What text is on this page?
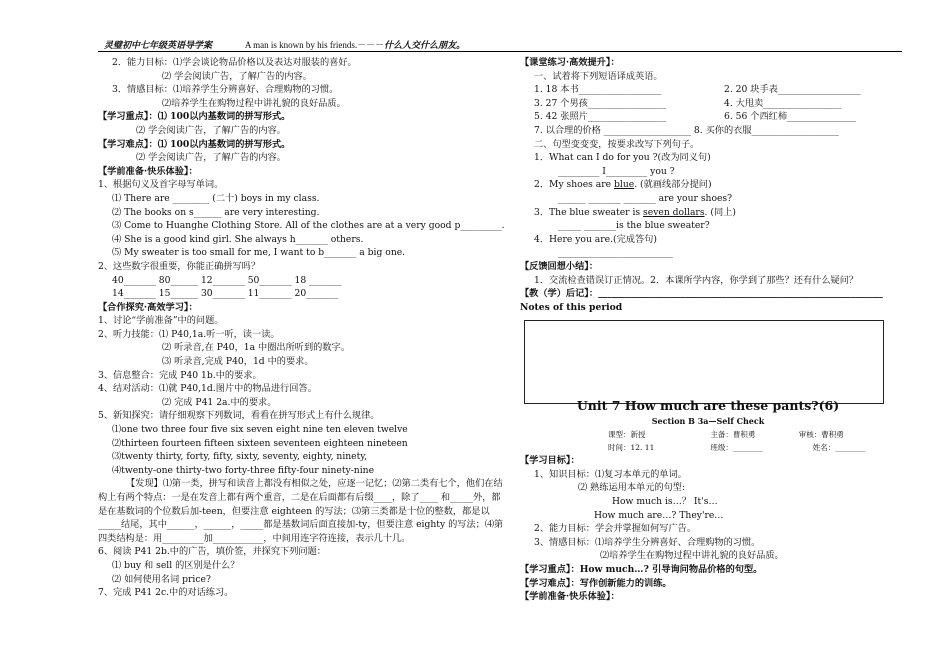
灵璧初中七年级英语导学案	A man is known by his friends.－－－什么人交什么朋友。
2．能力目标：⑴学会谈论物品价格以及表达对服装的喜好。
⑵ 学会阅读广告，了解广告的内容。
3．情感目标：⑴培养学生分辨喜好、合理购物的习惯。
⑵培养学生在购物过程中讲礼貌的良好品质。
【学习重点】：⑴ 100以内基数词的拼写形式。
⑵ 学会阅读广告，了解广告的内容。
【学习难点】：⑴ 100以内基数词的拼写形式。
⑵ 学会阅读广告，了解广告的内容。
【学前准备·快乐体验】：
1、根据句义及首字母写单词。
⑴ There are ________ (二十) boys in my class.
⑵ The books on s______ are very interesting.
⑶ Come to Huanghe Clothing Store. All of the clothes are at a very good p_________.
⑷ She is a good kind girl. She always h_______ others.
⑸ My sweater is too small for me, I want to b_______ a big one.
2、这些数字很重要，你能正确拼写吗？
40_______ 80______ 12_______ 50_______ 18 _______
14_______ 15______ 30_______ 11_______ 20_______
【合作探究·高效学习】：
1、讨论“学前准备”中的问题。
2、听力技能：⑴ P40,1a.听一听，读一读。
⑵ 听录音,在 P40，1a 中圈出所听到的数字。
⑶ 听录音,完成 P40，1d 中的要求。
3、信息整合：完成 P40 1b.中的要求。
4、结对活动：⑴就 P40,1d.图片中的物品进行回答。
⑵ 完成 P41 2a.中的要求。
5、新知探究：请仔细观察下列数词，看看在拼写形式上有什么规律。
⑴one two three four five six seven eight nine ten eleven twelve
⑵thirteen fourteen fifteen sixteen seventeen eighteen nineteen
⑶twenty thirty, forty, fifty, sixty, seventy, eighty, ninety,
⑷twenty-one thirty-two forty-three fifty-four ninety-nine
【发现】⑴第一类，拼写和读音上都没有相似之处，应逐一记忆；⑵第二类有七个，他们在结构上有两个特点：一是在发音上都有两个重音，二是在后面都有后缀____，除了____ 和_____外，都是在基数词的个位数后加-teen，但要注意 eighteen 的写法；⑶第三类都是十位的整数，都是以_____结尾，其中______，______，_____都是基数词后面直接加-ty，但要注意 eighty 的写法；⑷第四类结构是：用_________加___________，中间用连字符连接，表示几十几。
6、阅读 P41 2b.中的广告，填价签，并探究下列问题：
⑴ buy 和 sell 的区别是什么？
⑵ 如何使用名词 price?
7、完成 P41 2c.中的对话练习。
【课堂练习·高效提升】：
一、试着将下列短语译成英语。
1. 18 本书__________________	2. 20 块手表__________________
3. 27 个男孩_________________	4. 大甩卖_________________
5. 42 张照片_________________	6. 56 个西红柿_______________
7. 以合理的价格 ___________________ 8. 买你的衣服___________________
二、句型变变变，按要求改写下列句子。
1．What can I do for you ?(改为同义句)
_________ I_________ you ?
2．My shoes are blue. (就画线部分提问)
______ _______ _______ are your shoes?
3．The blue sweater is seven dollars. (同上)
_____ _______is the blue sweater?
4．Here you are.(完成答句)
_________________________
【反馈回想小结】：
1．交流检查错误订正情况。2．本课所学内容，你学到了那些？还有什么疑问？
【教（学）后记】：______________________________________________________________
Notes of this period
Unit 7 How much are these pants?(6)
Section B 3a—Self Check
课型：新授	主备：曹积勇	审核：曹积勇
时间：12. 11	班级：________	姓名：________
【学习目标】：
1、知识目标：⑴复习本单元的单词。
⑵ 熟练运用本单元的句型:
How much is…？ It's…
How much are…? They're…
2、能力目标：学会并掌握如何写广告。
3、情感目标：⑴培养学生分辨喜好、合理购物的习惯。
⑵培养学生在购物过程中讲礼貌的良好品质。
【学习重点】：How much…? 引导询问物品价格的句型。
【学习难点】：写作创新能力的训练。
【学前准备·快乐体验】：
